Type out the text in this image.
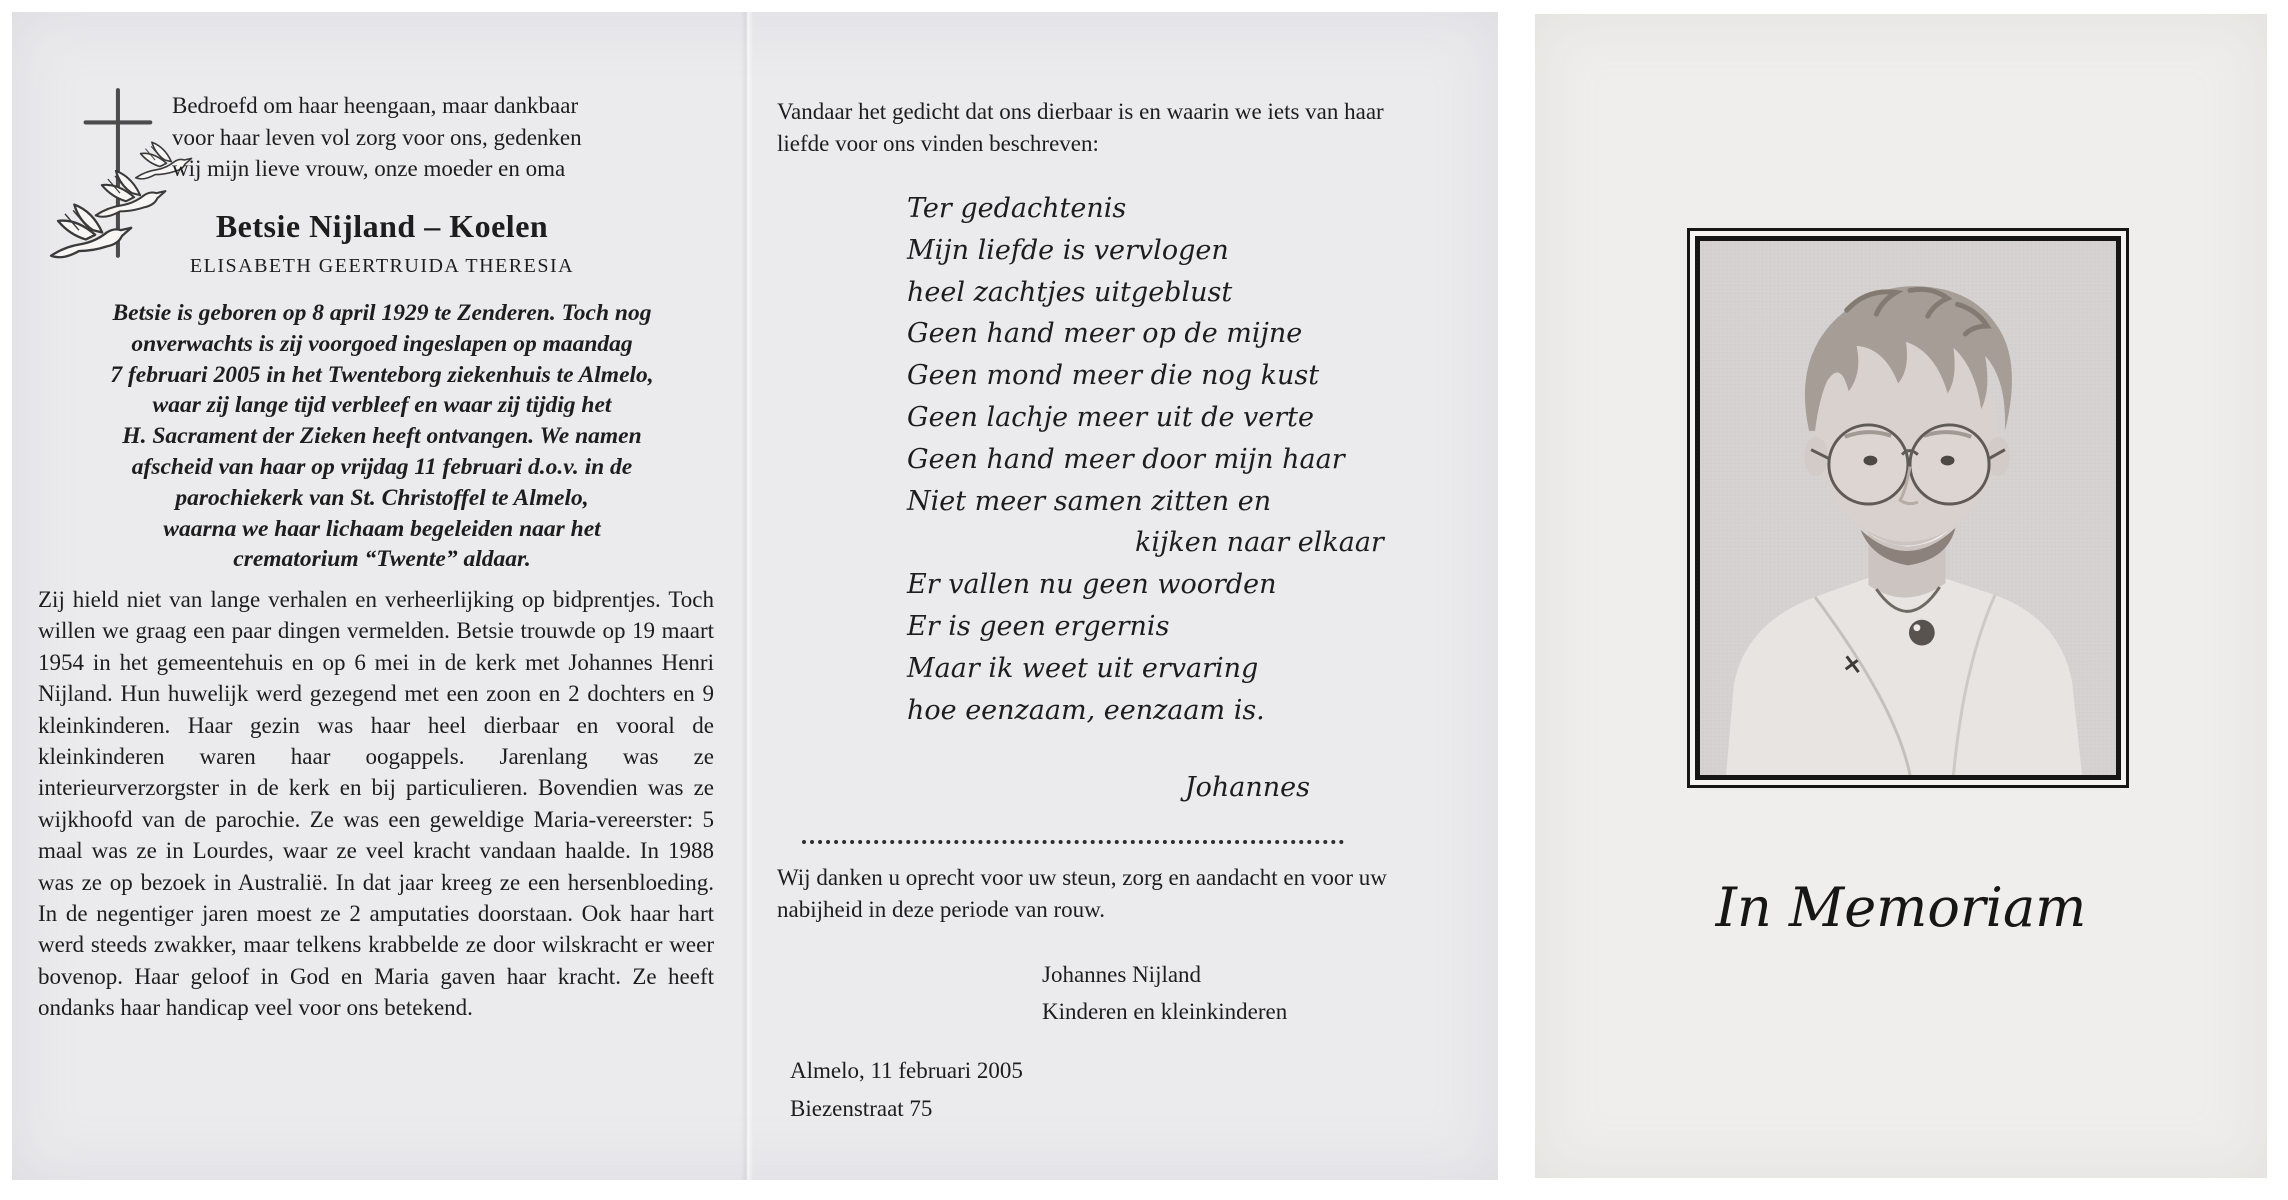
Bedroefd om haar heengaan, maar dankbaar
voor haar leven vol zorg voor ons, gedenken
wij mijn lieve vrouw, onze moeder en oma
Betsie Nijland – Koelen
ELISABETH GEERTRUIDA THERESIA
Betsie is geboren op 8 april 1929 te Zenderen. Toch nog
onverwachts is zij voorgoed ingeslapen op maandag
7 februari 2005 in het Twenteborg ziekenhuis te Almelo,
waar zij lange tijd verbleef en waar zij tijdig het
H. Sacrament der Zieken heeft ontvangen. We namen
afscheid van haar op vrijdag 11 februari d.o.v. in de
parochiekerk van St. Christoffel te Almelo,
waarna we haar lichaam begeleiden naar het
crematorium “Twente” aldaar.
Zij hield niet van lange verhalen en verheerlijking op bidprentjes. Toch willen we graag een paar dingen vermelden. Betsie trouwde op 19 maart 1954 in het gemeentehuis en op 6 mei in de kerk met Johannes Henri Nijland. Hun huwelijk werd gezegend met een zoon en 2 dochters en 9 kleinkinderen. Haar gezin was haar heel dierbaar en vooral de kleinkinderen waren haar oogappels. Jarenlang was ze interieurverzorgster in de kerk en bij particulieren. Bovendien was ze wijkhoofd van de parochie. Ze was een geweldige Maria-vereerster: 5 maal was ze in Lourdes, waar ze veel kracht vandaan haalde. In 1988 was ze op bezoek in Australië. In dat jaar kreeg ze een hersenbloeding. In de negentiger jaren moest ze 2 amputaties doorstaan. Ook haar hart werd steeds zwakker, maar telkens krabbelde ze door wilskracht er weer bovenop. Haar geloof in God en Maria gaven haar kracht. Ze heeft ondanks haar handicap veel voor ons betekend.
Vandaar het gedicht dat ons dierbaar is en waarin we iets van haar liefde voor ons vinden beschreven:
Ter gedachtenis
Mijn liefde is vervlogen
heel zachtjes uitgeblust
Geen hand meer op de mijne
Geen mond meer die nog kust
Geen lachje meer uit de verte
Geen hand meer door mijn haar
Niet meer samen zitten en
kijken naar elkaar
Er vallen nu geen woorden
Er is geen ergernis
Maar ik weet uit ervaring
hoe eenzaam, eenzaam is.
Johannes
Wij danken u oprecht voor uw steun, zorg en aandacht en voor uw nabijheid in deze periode van rouw.
Johannes Nijland
Kinderen en kleinkinderen
Almelo, 11 februari 2005
Biezenstraat 75
In Memoriam
